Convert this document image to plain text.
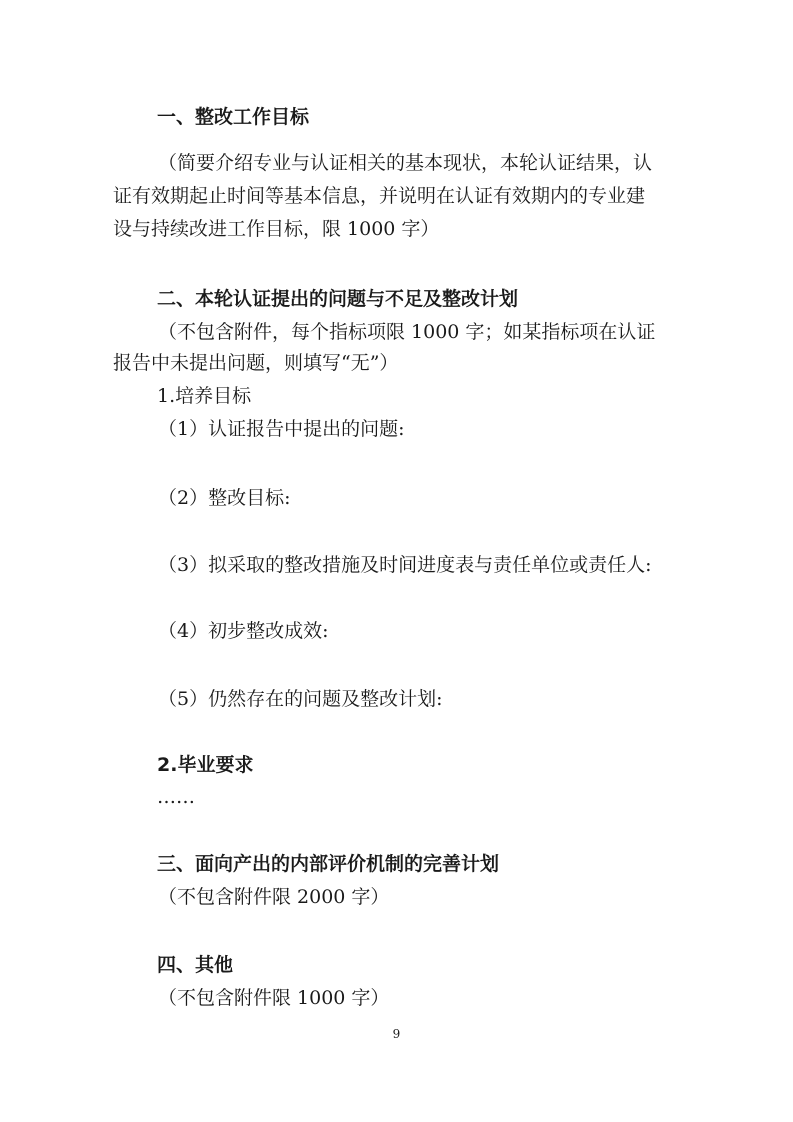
一、整改工作目标
（简要介绍专业与认证相关的基本现状，本轮认证结果，认
证有效期起止时间等基本信息，并说明在认证有效期内的专业建
设与持续改进工作目标，限 1000 字）
二、本轮认证提出的问题与不足及整改计划
（不包含附件，每个指标项限 1000 字；如某指标项在认证
报告中未提出问题，则填写“无”）
1.培养目标
（1）认证报告中提出的问题:
（2）整改目标:
（3）拟采取的整改措施及时间进度表与责任单位或责任人:
（4）初步整改成效:
（5）仍然存在的问题及整改计划:
2.毕业要求
……
三、面向产出的内部评价机制的完善计划
（不包含附件限 2000 字）
四、其他
（不包含附件限 1000 字）
9
